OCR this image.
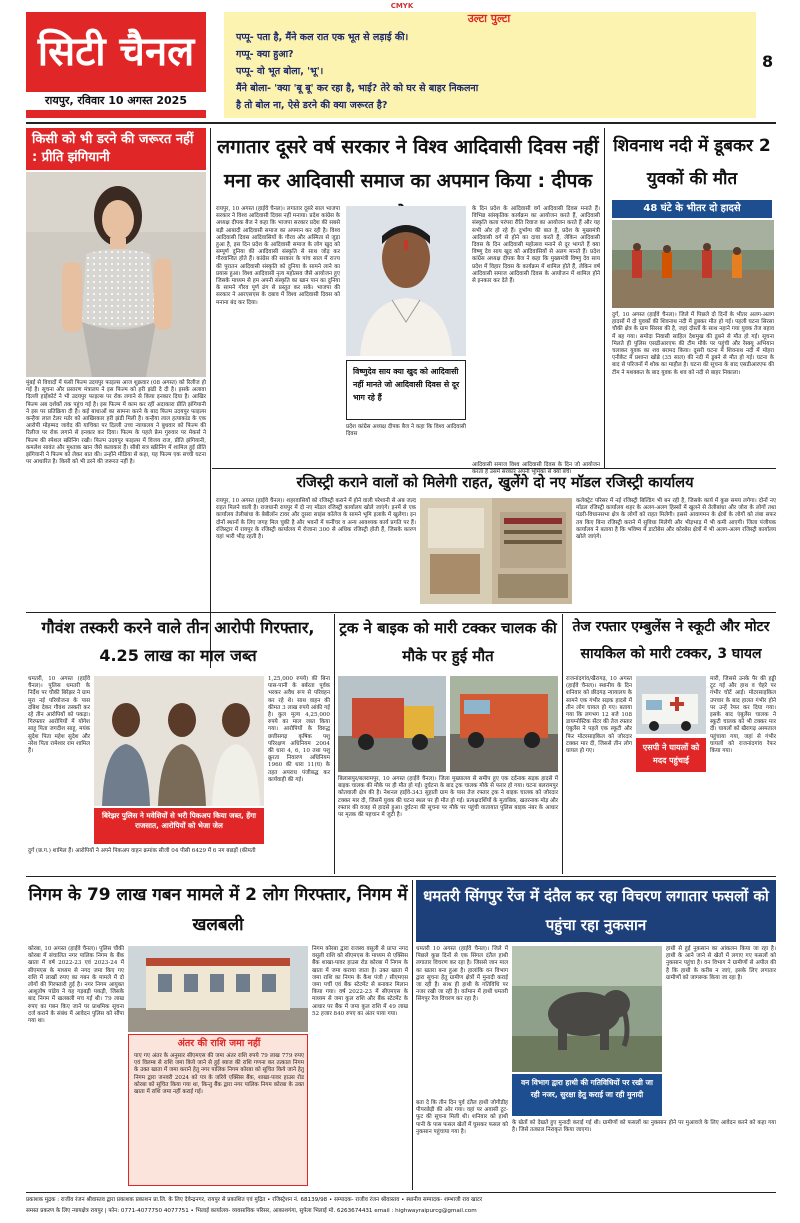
CMYK
सिटी चैनल
रायपुर, रविवार 10 अगस्त 2025
उल्टा पुल्टा
पप्पू- पता है, मैंने कल रात एक भूत से लड़ाई की।
गप्पू- क्या हुआ?
पप्पू- वो भूत बोला, 'भू'।
मैंने बोला- 'क्या 'बू बू' कर रहा है, भाई? तेरे को घर से बाहर निकलना
है तो बोल ना, ऐसे डरने की क्या जरूरत है?
8
किसी को भी डरने की जरूरत नहीं : प्रीति झंगियानी
मुंबई से विवादों में फंसी फिल्म उदयपुर फाइल्स आज शुक्रवार (08 अगस्त) को रिलीज हो गई है। सूचना और प्रसारण मंत्रालय ने इस फिल्म को हरी झंडी दे दी है। इसके अलावा दिल्ली हाईकोर्ट ने भी उदयपुर फाइल्स पर रोक लगाने से किया इनकार दिया है। आखिर फिल्म अब दर्शकों तक पहुंच गई है। इस फिल्म में काम कर रहीं अदाकारा प्रीति झंगियानी ने इस पर प्रतिक्रिया दी है। कई बाधाओं का सामना करने के बाद फिल्म उदयपुर फाइल्स कन्हैया लाल टेलर मर्डर को आखिरकार हरी झंडी मिली है। कन्हैया लाल हत्याकांड के एक आरोपी मोहम्मद जावेद की याचिका पर दिल्ली उच्च न्यायालय ने बुधवार को फिल्म की रिलीज पर रोक लगाने से इनकार कर दिया। फिल्म के पहले फ्रेम गुरुवार पर मेकर्स ने फिल्म की स्पेशल स्क्रीनिंग रखी। फिल्म उदयपुर फाइल्स में विजय राज, प्रीति झंगियानी, कमलेश सावंत और मुश्ताक खान जैसे कलाकार हैं। सीबी सत्र स्क्रीनिंग में शामिल हुई प्रीति झंगियानी ने फिल्म को लेकर बात की। उन्होंने मीडिया से कहा, यह फिल्म एक सच्ची घटना पर आधारित है। किसी को भी डरने की जरूरत नहीं है।
लगातार दूसरे वर्ष सरकार ने विश्व आदिवासी दिवस नहीं मना कर आदिवासी समाज का अपमान किया : दीपक
रायपुर, 10 अगस्त (हाईवे चैनल)। लगातार दूसरे साल भाजपा सरकार ने विश्व आदिवासी दिवस नहीं मनाया। प्रदेश कांग्रेस के अध्यक्ष दीपक बैज ने कहा कि भाजपा सरकार प्रदेश की सबसे बड़ी आबादी आदिवासी समाज का अपमान कर रही है। विश्व आदिवासी दिवस आदिवासियों के गौरव और अस्मिता से जुड़ा हुआ है, इस दिन प्रदेश के आदिवासी समाज के लोग खुद को सम्पूर्ण दुनिया की आदिवासी संस्कृति से साथ जोड़ कर गौरवान्वित होते हैं। कांग्रेस की सरकार के पांच साल में राज्य की पुरातन आदिवासी संस्कृति को दुनिया के सामने लाने का प्रयास हुआ। विश्व आदिवासी नृत्य महोत्सव जैसे आयोजन हुए जिसके माध्यम से हम अपनी संस्कृति का खान पान का दुनिया के सामने गौरव पूर्ण ढंग से प्रस्तुत कर सके। भाजपा की सरकार ने आरएसएस के दबाव में विश्व आदिवासी दिवस को मनाना बंद कर दिया।
के दिन प्रदेश के आदिवासी वर्ग आदिवासी दिवस मनाते हैं। विभिन्न सांस्कृतिक कार्यक्रम का आयोजन करते हैं, आदिवासी संस्कृति कला परंपरा रीति रिवाज का आयोजन करते हैं और यह सभी ओर हो रहे हैं। दुर्भाग्य की बात है, प्रदेश के मुख्यमंत्री आदिवासी वर्ग से होने का दावा करते हैं, लेकिन आदिवासी दिवस के दिन आदिवासी महोत्सव मनाने से दूर भागते हैं क्या विष्णु देव साय खुद को आदिवासियों से अलग मानते हैं। प्रदेश कांग्रेस अध्यक्ष दीपक बैज ने कहा कि मुख्यमंत्री विष्णु देव साय प्रदेश में विहार दिवस के कार्यक्रम में शामिल होते हैं, लेकिन वर्ष आदिवासी समाज आदिवासी दिवस के आयोजन में शामिल होने से इनकार कर देते हैं।
विष्णुदेव साय क्या खुद को आदिवासी नहीं मानते जो आदिवासी दिवस से दूर भाग रहे हैं
प्रदेश कांग्रेस अध्यक्ष दीपक बैज ने कहा कि विश्व आदिवासी दिवस
आदिवासी समाज विश्व आदिवासी दिवस के दिन जो आयोजन करता है उसमें सरकार अपनी भूमिका से क्यों बचे।
शिवनाथ नदी में डूबकर 2 युवकों की मौत
48 घंटे के भीतर दो हादसे
दुर्ग, 10 अगस्त (हाईवे चैनल)। जिले में पिछले दो दिनों के भीतर अलग-अलग हादसों में दो युवकों की शिवनाथ नदी में डूबकर मौत हो गई। पहली घटना सिरसा चौकी क्षेत्र के ग्राम सिरसा की है, जहां दोस्तों के साथ नहाने गया युवक तेज बहाव में बह गया। समोदा निवासी साहिल देशमुख की डूबने से मौत हो गई। सूचना मिलते ही पुलिस एसडीआरएफ की टीम मौके पर पहुंची और रेस्क्यू अभियान चलाकर युवक का शव बरामद किया। दूसरी घटना में शिवनाथ नदी में मोहरा एनीकेट में प्रशान्त खोब्रे (35 साल) की नदी में डूबने से मौत हो गई। घटना के बाद से परिजनों में शोक का माहौल है। घटना की सूचना के बाद एसडीआरएफ की टीम ने मशक्कत के बाद युवक के शव को नदी से बाहर निकाला।
रजिस्ट्री कराने वालों को मिलेगी राहत, खुलेंगे दो नए मॉडल रजिस्ट्री कार्यालय
रायपुर, 10 अगस्त (हाईवे चैनल)। शहरवासियों को रजिस्ट्री कराने में होने वाली परेशानी से अब जल्द राहत मिलने वाली है। राजधानी रायपुर में दो नए मॉडल रजिस्ट्री कार्यालय खोले जाएंगे। इनमें से एक कार्यालय तेलीबांधा के बेबीलॉन टावर और दूसरा साइंस कॉलेज के सामने भूमि इलाके में खुलेगा। इन दोनों स्थानों के लिए जगह मिल चुकी है और भवनों में फर्नीचर व अन्य आवश्यक कार्य प्रगति पर हैं। रजिस्ट्रार में रायपुर के रजिस्ट्री कार्यालय में रोजाना 300 से अधिक रजिस्ट्री होती हैं, जिसके कारण यहां भारी भीड़ रहती है।
कलेक्ट्रेट परिसर में नई रजिस्ट्री बिल्डिंग भी बन रही है, जिसके कार्य में कुछ समय लगेगा। दोनों नए मॉडल रजिस्ट्री कार्यालय शहर के अलग-अलग हिस्सों में खुलने से तेलीबांधा और जोरा के लोगों तथा पंडरी-विधानसभा क्षेत्र के लोगों को राहत मिलेगी। इससे आवागमन के क्षेत्रों के लोगों को लंबा सफर तय किए बिना रजिस्ट्री कराने में सुविधा मिलेगी और भीड़भाड़ में भी कमी आएगी। जिला पंजीयक कार्यालय ने बताया है कि भविष्य में डाटोबेस और कोरबेस क्षेत्रों में भी अलग-अलग रजिस्ट्री कार्यालय खोले जाएंगे।
गौवंश तस्करी करने वाले तीन आरोपी गिरफ्तार, 4.25 लाख का माल जब्त
धमतरी, 10 अगस्त (हाईवे चैनल)। पुलिस धमतरी के निर्देश पर चौकी बिरेझर ने ग्राम मूरा नई परियोजना के पास दबिश देकर गौवंश तस्करी कर रहे तीन आरोपियों को पकड़ा। गिरफ्तार आरोपियों में योगेश साहू पिता जगदीश साहू, मयंक सुदेश पिता महेश सुदेश और नरेश पिता रामेश्वर राम शामिल हैं।
बिरेझर पुलिस ने मवेशियों से भरी पिकअप किया जब्त, हेंगा राजसात, आरोपियों को भेजा जेल
1,25,000 रुपये) की बिना पास-पानी के बर्बरता पूर्वक भरकर अवैध रूप से परिवहन कर रहे थे। साथ वाहन की कीमत 3 लाख रुपये आंकी गई है। कुल मूल्य 4,25,000 रुपये का माल जब्त किया गया। आरोपियों के विरुद्ध छत्तीसगढ़ कृषिक पशु परिरक्षण अधिनियम 2004 की धारा 4, 6, 10 तथा पशु क्रूरता निवारण अधिनियम 1960 की धारा 11(घ) के तहत अपराध पंजीबद्ध कर कार्यवाही की गई।
दुर्ग (छ.ग.) शामिल हैं। आरोपियों ने अपने पिकअप वाहन क्रमांक सीजी 04 पीसी 6429 में 6 नग बछड़ों (कीमती
ट्रक ने बाइक को मारी टक्कर चालक की मौके पर हुई मौत
बिलासपुर/बलरामपुर, 10 अगस्त (हाईवे चैनल)। जिला मुख्यालय से समीप हुए एक दर्दनाक सड़क हादसे में बाइक चालक की मौके पर ही मौत हो गई। दुर्घटना के बाद ट्रक चालक मौके से फरार हो गया। घटना बलरामपुर कोतवाली क्षेत्र की है। नेशनल हाईवे-343 सुहाती ग्राम के पास तेज रफ्तार ट्रक ने बाइक चालक को जोरदार टक्कर मार दी, जिसमें युवक की घटना स्थल पर ही मौत हो गई। प्रत्यक्षदर्शियों के मुताबिक, खतरनाक मोड़ और रफ्तार की वजह से हादसे हुआ। दुर्घटना की सूचना पर मौके पर पहुंची यातायात पुलिस बाइक नंबर के आधार पर मृतक की पहचान में जुटी है।
तेज रफ्तार एम्बुलेंस ने स्कूटी और मोटर सायकिल को मारी टक्कर, 3 घायल
राजनांदगांव/खैरागढ़, 10 अगस्त (हाईवे चैनल)। स्थानीय के दिन शनिवार को छीदगढ़ न्यायालय के सामने एक गंभीर सड़क हादसे में तीन लोग घायल हो गए। बताया गया कि लगभग 12 बजे 108 डायग्नोस्टिक सेंटर की तेज रफ्तार एंबुलेंस ने पहले एक स्कूटी और फिर मोटरसाइकिल को जोरदार टक्कर मार दी, जिससे तीन लोग घायल हो गए।
मारी, जिससे उनके पैर की हड्डी टूट गई और हाथ व चेहरे पर गंभीर चोटें आई। मोटरसाइकिल उपचार के बाद हालत गंभीर होने पर उन्हें रेफर कर दिया गया। इसके बाद एंबुलेंस चालक ने स्कूटी चालक को भी टक्कर मार दी। घायलों को खैरागढ़ अस्पताल पहुंचाया गया, जहां से गंभीर घायलों को राजनांदगांव रेफर किया गया।
एसपी ने घायलों को मदद पहुंचाई
निगम के 79 लाख गबन मामले में 2 लोग गिरफ्तार, निगम में खलबली
कोरबा, 10 अगस्त (हाईवे चैनल)। पुलिस चौकी कोरबा में संचालित नगर पालिक निगम के बैंक खाता में वर्ष 2022-23 एवं 2023-24 में सीएमएस के माध्यम से नगद जमा किए गए राशि में लाखों रुपए का गबन के मामले में दो लोगों की गिरफ्तारी हुई है। नगर निगम आयुक्त आशुतोष पांडेय ने यह गड़बड़ी पकड़ी, जिसके बाद निगम में खलबली मच गई थी। 79 लाख रुपए का गबन किए जाने पर प्राथमिक सूचना दर्ज कराने के संबंध में आवेदन पुलिस को सौंपा गया था।
निगम कोरबा द्वारा राजस्व वसूली से प्राप्त नगद वसूली राशि को सीएमएस के माध्यम से एक्सिस बैंक शाखा-पावर हाउस रोड कोरबा में निगम के खाता में जमा कराया जाता है। उक्त खाता में जमा राशि का निगम के कैश पंजी / सीएमएस जमा पर्ची एवं बैंक स्टेटमेंट से बनाकर मिलान किया गया। वर्ष 2022-23 में सीएमएस के माध्यम से जमा कुल राशि और बैंक स्टेटमेंट के आधार पर बैंक में जमा कुल राशि में 49 लाख 52 हजार 840 रुपए का अंतर पाया गया।
अंतर की राशि जमा नहीं
पाए गए अंतर के अनुसार सीएमएस की जमा अंतर राशि रुपये 79 लाख 779 रुपए एवं विलम्ब से राशि जमा किये जाने से हुई ब्याज की राशि गणना कर तत्काल निगम के उक्त खाता में जमा कराने हेतु नगर पालिक निगम कोरबा को सूचित किये जाने हेतु निगम द्वारा जनवरी 2024 को पत्र के जरिये एक्सिस बैंक, शाखा-पावर हाउस रोड कोरबा को सूचित किया गया था, किन्तु बैंक द्वारा नगर पालिक निगम कोरबा के उक्त खाता में राशि जमा नहीं कराई गई।
धमतरी सिंगपुर रेंज में दंतैल कर रहा विचरण लगातार फसलों को पहुंचा रहा नुकसान
धमतरी 10 अगस्त (हाईवे चैनल)। जिले में पिछले कुछ दिनों से एक सिंगल दंतैल हाथी लगातार विचरण कर रहा है। जिससे जान माल का खतरा बना हुआ है। हालांकि वन विभाग द्वारा सूचना हेतु ग्रामीण क्षेत्रों में मुनादी कराई जा रही है। साथ ही हाथी के गतिविधि पर नजर रखी जा रही है। वर्तमान में हाथी धमतरी सिंगपुर रेंज विचरण कर रहा है।
वन विभाग द्वारा हाथी की गतिविधियों पर रखी जा रही नजर, सुरक्षा हेतु कराई जा रही मुनादी
बता दे कि तीन दिन पूर्व दंतैल हाथी जोगीडीह पीपरछेड़ी की ओर गया। वहां पर अवासी टूट-फूट की सूचना मिली थी। शनिवार को हाथी पानी के पास फसल खेतों में घुसकर फसल को नुकसान पहुंचाया गया है।
हाथी से हुई नुकसान का आंकलन किया जा रहा है। हाथी के आने जाने से खेतों में लगाए गए फसलों को नुकसान पहुंचा है। वन विभाग ने ग्रामीणों से अपील की है कि हाथी के करीब न जाएं, इसके लिए लगातार ग्रामीणों को जागरूक किया जा रहा है।
के खेतों को देखते हुए मुनादी कराई गई थी। ग्रामीणों को फसलों का नुकसान होने पर मुआवजे के लिए आवेदन करने को कहा गया है। जिसे तत्काल निराकृत किया जाएगा।
प्रकाशक मुद्रक : राजीव रंजन श्रीवास्तव द्वारा प्रकाशक प्रकाशन प्रा.लि. के लिए देवेन्द्रनगर, रायपुर से प्रकाशित एवं मुद्रित • रजिस्ट्रेशन नं. 68139/98 • सम्पादक- राजीव रंजन श्रीवास्तव • स्थानीय सम्पादक- शम्भाजी राव खाटर
समस्त प्रकरण के लिए न्यायक्षेत्र रायपुर | फोन: 0771-4077750 4077751 • भिलाई कार्यालय- व्यवसायिक परिसर, आकाशगंगा, सुपेला भिलाई मो. 6263674431 email : highwayraipurcg@gmail.com
